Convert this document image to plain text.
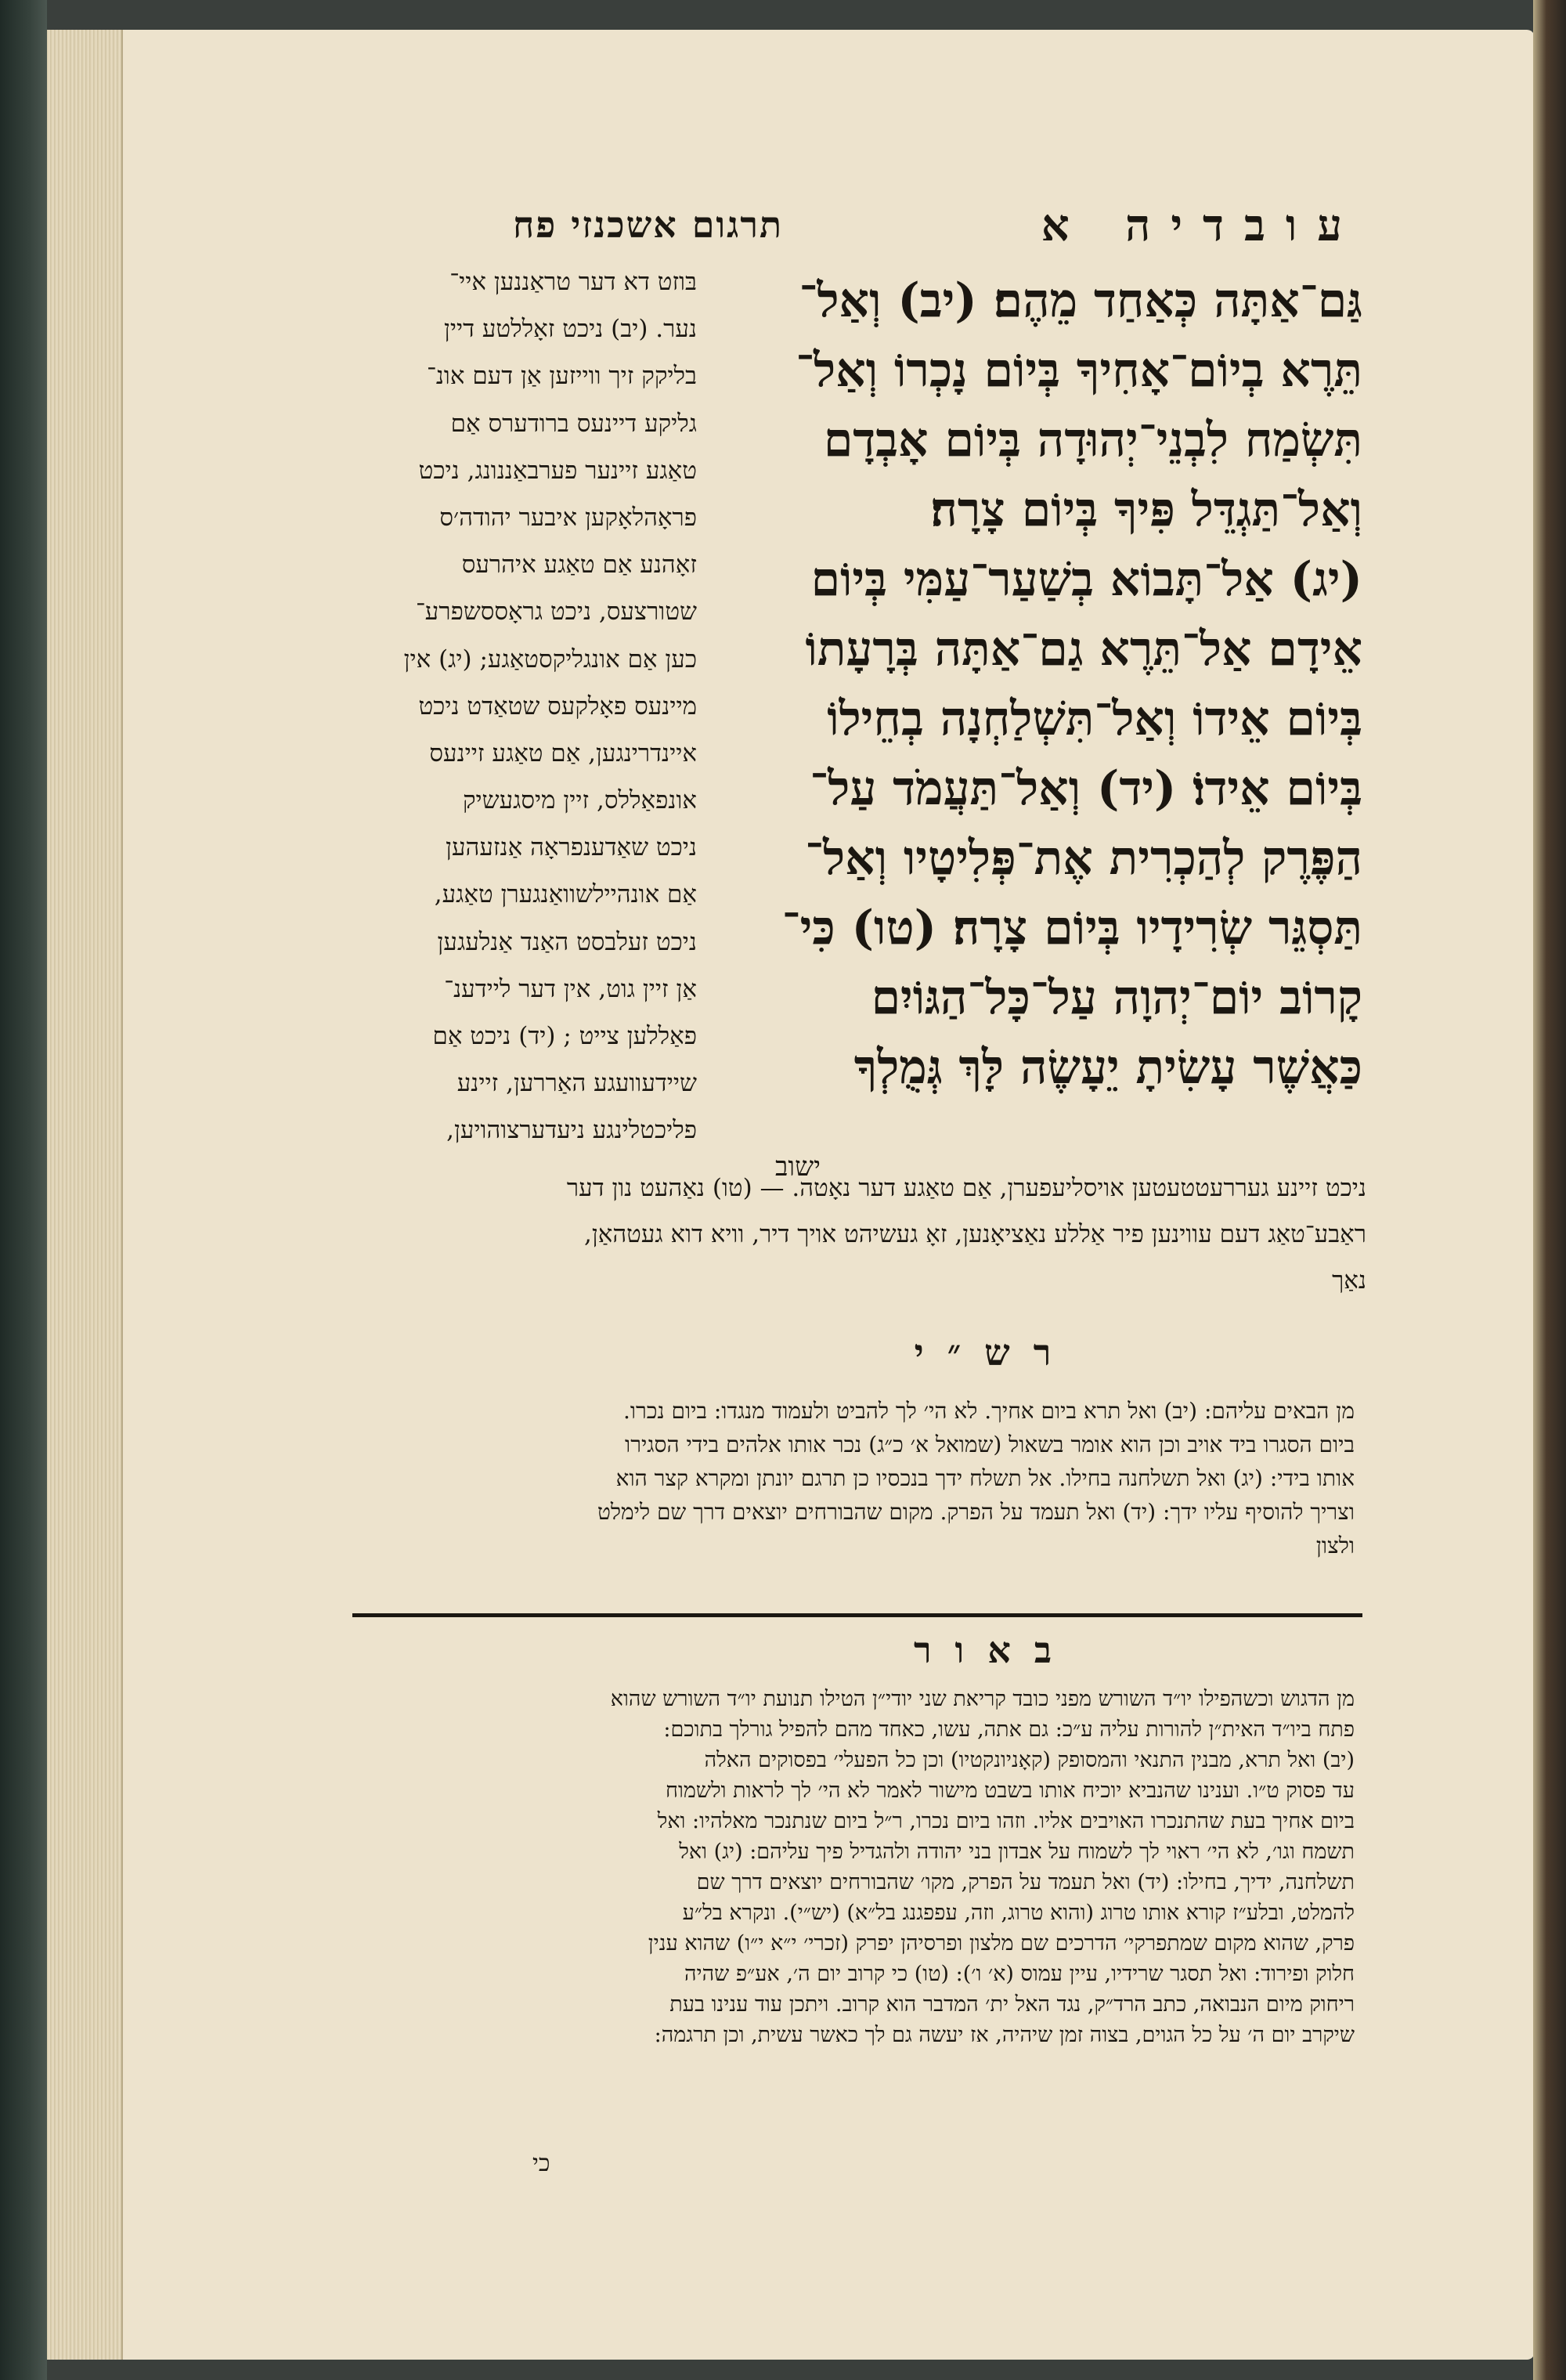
תרגום אשכנזי פח	עובדיה א
גַּם־אַתָּה כְּאַחַד מֵהֶם׃ (יב) וְאַל־
תֵּרֶא בְיוֹם־אָחִיךָ בְּיוֹם נָכְרוֹ וְאַל־
תִּשְׂמַח לִבְנֵי־יְהוּדָה בְּיוֹם אָבְדָם
וְאַל־תַּגְדֵּל פִּיךָ בְּיוֹם צָרָה׃
(יג) אַל־תָּבוֹא בְשַׁעַר־עַמִּי בְּיוֹם
אֵידָם אַל־תֵּרֶא גַם־אַתָּה בְּרָעָתוֹ
בְּיוֹם אֵידוֹ וְאַל־תִּשְׁלַחְנָה בְחֵילוֹ
בְּיוֹם אֵידוֹ׃ (יד) וְאַל־תַּעֲמֹד עַל־
הַפֶּרֶק לְהַכְרִית אֶת־פְּלִיטָיו וְאַל־
תַּסְגֵּר שְׂרִידָיו בְּיוֹם צָרָה׃ (טו) כִּי־
קָרוֹב יוֹם־יְהוָה עַל־כָּל־הַגּוֹיִם
כַּאֲשֶׁר עָשִׂיתָ יֵעָשֶׂה לָּךְ גְּמֻלְךָ
ישוב
בּוזט דא דער טראַננען איי־
נער. (יב) ניכט זאָללטע דיין
בליקק זיך ווייזען אַן דעם אונ־
גליקע דיינעס ברודערס אַם
טאַגע זיינער פערבאַננונג, ניכט
פראָהלאָקען איבער יהודה׳ס
זאָהנע אַם טאַגע איהרעס
שטורצעס, ניכט גראָססשפרע־
כען אַם אונגליקסטאַגע; (יג) אין
מיינעס פאָלקעס שטאַדט ניכט
איינדרינגען, אַם טאַגע זיינעס
אונפאַללס, זיין מיסגעשיק
ניכט שאַדענפראָה אַנזעהען
אַם אונהיילשוואַנגערן טאַגע,
ניכט זעלבסט האַנד אַנלעגען
אַן זיין גוט, אין דער ליידענ־
פאַללען צייט ; (יד) ניכט אַם
שיידעוועגע האַררען, זיינע
פליכטלינגע ניעדערצוהויען,
ניכט זיינע געררעטטעטען אויסליעפערן, אַם טאַגע דער נאָטה. — (טו) נאַהעט נון דער
ראַבע־טאַג דעם עווינען פיר אַללע נאַציאָנען, זאָ געשיהט אויך דיר, וויא דוא געטהאַן,
נאַך
רש״י
מן הבאים עליהם: (יב) ואל תרא ביום אחיך. לא הי׳ לך להביט ולעמוד מנגדו: ביום נכרו.
ביום הסגרו ביד אויב וכן הוא אומר בשאול (שמואל א׳ כ״ג) נכר אותו אלהים בידי הסגירו
אותו בידי: (יג) ואל תשלחנה בחילו. אל תשלח ידך בנכסיו כן תרגם יונתן ומקרא קצר הוא
וצריך להוסיף עליו ידך: (יד) ואל תעמד על הפרק. מקום שהבורחים יוצאים דרך שם לימלט
ולצון
באור
מן הדגוש וכשהפילו יו״ד השורש מפני כובד קריאת שני יודי״ן הטילו תנועת יו״ד השורש שהוא
פתח ביו״ד האית״ן להורות עליה ע״כ: גם אתה, עשו, כאחד מהם להפיל גורלך בתוכם:
(יב) ואל תרא, מבנין התנאי והמסופק (קאָניונקטיו) וכן כל הפעלי׳ בפסוקים האלה
עד פסוק ט״ו. וענינו שהנביא יוכיח אותו בשבט מישור לאמר לא הי׳ לך לראות ולשמוח
ביום אחיך בעת שהתנכרו האויבים אליו. וזהו ביום נכרו, ר״ל ביום שנתנכר מאלהיו: ואל
תשמח וגו׳, לא הי׳ ראוי לך לשמוח על אבדון בני יהודה ולהגדיל פיך עליהם: (יג) ואל
תשלחנה, ידיך, בחילו: (יד) ואל תעמד על הפרק, מקו׳ שהבורחים יוצאים דרך שם
להמלט, ובלע״ז קורא אותו טרוג (והוא טרוג, וזה, עפפגנג בל״א) (יש״י). ונקרא בל״ע
פרק, שהוא מקום שמתפרקי׳ הדרכים שם מלצון ופרסיהן יפרק (זכרי׳ י״א י״ו) שהוא ענין
חלוק ופירוד: ואל תסגר שרידיו, עיין עמוס (א׳ ו׳): (טו) כי קרוב יום ה׳, אע״פ שהיה
ריחוק מיום הנבואה, כתב הרד״ק, נגד האל ית׳ המדבר הוא קרוב. ויתכן עוד ענינו בעת
שיקרב יום ה׳ על כל הגוים, בצוה זמן שיהיה, אז יעשה גם לך כאשר עשית, וכן תרגמה:
כי
